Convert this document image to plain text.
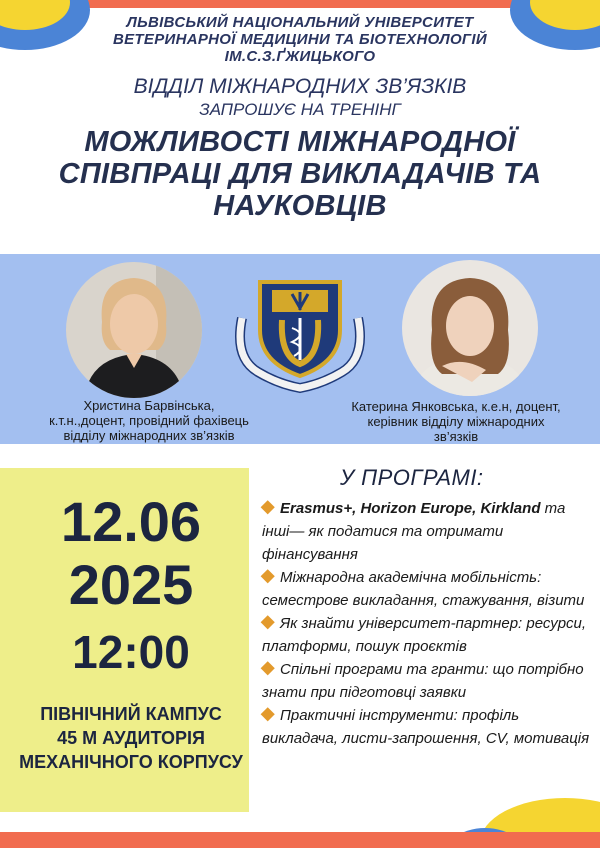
ЛЬВІВСЬКИЙ НАЦІОНАЛЬНИЙ УНІВЕРСИТЕТ
ВЕТЕРИНАРНОЇ МЕДИЦИНИ ТА БІОТЕХНОЛОГІЙ
ІМ.С.З.ҐЖИЦЬКОГО
ВІДДІЛ МІЖНАРОДНИХ ЗВ’ЯЗКІВ
ЗАПРОШУЄ НА ТРЕНІНГ
МОЖЛИВОСТІ МІЖНАРОДНОЇ
СПІВПРАЦІ ДЛЯ ВИКЛАДАЧІВ ТА
НАУКОВЦІВ
Христина Барвінська,
к.т.н.,доцент, провідний фахівець
відділу міжнародних зв’язків
Катерина Янковська, к.е.н, доцент,
керівник відділу міжнародних
зв’язків
12.06
2025
12:00
ПІВНІЧНИЙ КАМПУС
45 М АУДИТОРІЯ
МЕХАНІЧНОГО КОРПУСУ
У ПРОГРАМІ:
Erasmus+, Horizon Europe, Kirkland та інші— як податися та отримати фінансування
Міжнародна академічна мобільність: семестрове викладання, стажування, візити
Як знайти університет-партнер: ресурси, платформи, пошук проєктів
Спільні програми та гранти: що потрібно знати при підготовці заявки
Практичні інструменти: профіль викладача, листи-запрошення, CV, мотивація
